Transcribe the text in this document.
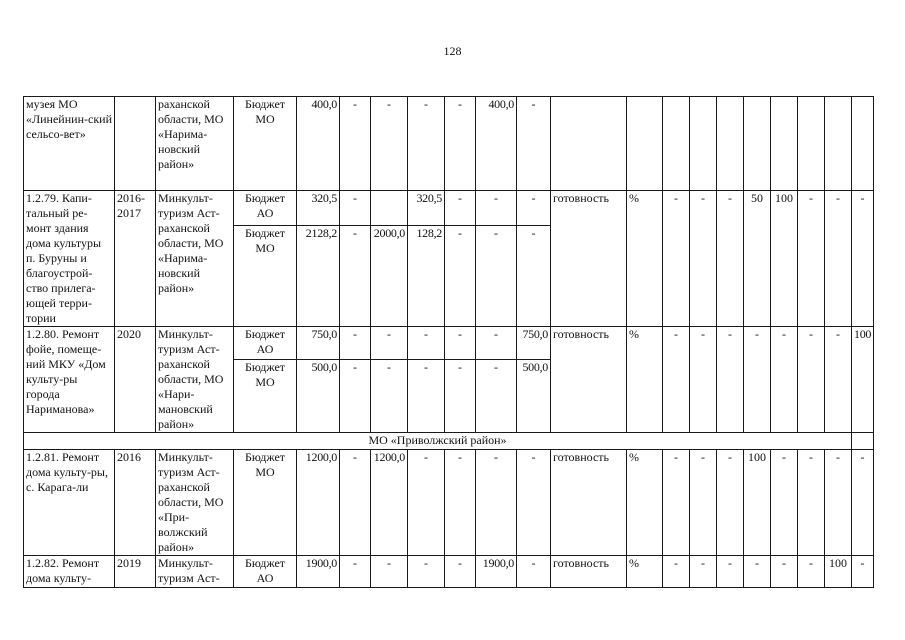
128
музея МО «Линейнин-ский сельсо-вет»		раханской области, МО «Нарима-новский район»	Бюджет МО	400,0	-	-	-	-	400,0	-										
1.2.79. Капи-тальный ре-монт здания дома культуры п. Буруны и благоустрой-ство прилега-ющей терри-тории	2016-2017	Минкульт-туризм Аст-раханской области, МО «Нарима-новский район»	Бюджет АО	320,5	-		320,5	-	-	-	готовность	%	-	-	-	50	100	-	-	-
			Бюджет МО	2128,2	-	2000,0	128,2	-	-	-										
1.2.80. Ремонт фойе, помеще-ний МКУ «Дом культу-ры города Нариманова»	2020	Минкульт-туризм Аст-раханской области, МО «Нари-мановский район»	Бюджет АО	750,0	-	-	-	-	-	750,0	готовность	%	-	-	-	-	-	-	-	100
			Бюджет МО	500,0	-	-	-	-	-	500,0										
МО «Приволжский район»																				
1.2.81. Ремонт дома культу-ры, с. Карага-ли	2016	Минкульт-туризм Аст-раханской области, МО «При-волжский район»	Бюджет МО	1200,0	-	1200,0	-	-	-	-	готовность	%	-	-	-	100	-	-	-	-
1.2.82. Ремонт дома культу-	2019	Минкульт-туризм Аст-	Бюджет АО	1900,0	-	-	-	-	1900,0	-	готовность	%	-	-	-	-	-	-	100	-
